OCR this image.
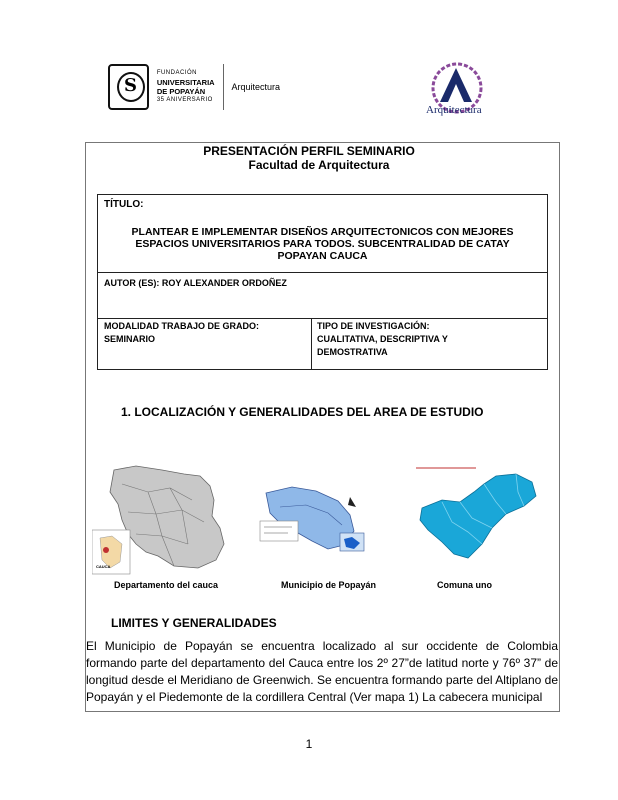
S
FUNDACIÓN
UNIVERSITARIA
DE POPAYÁN
35 ANIVERSARIO
Arquitectura
Arquitectura
PRESENTACIÓN PERFIL SEMINARIO
Facultad de Arquitectura
TÍTULO:
PLANTEAR E IMPLEMENTAR DISEÑOS ARQUITECTONICOS CON MEJORES
ESPACIOS UNIVERSITARIOS PARA TODOS. SUBCENTRALIDAD DE CATAY
POPAYAN CAUCA
AUTOR (ES): ROY ALEXANDER ORDOÑEZ
MODALIDAD TRABAJO DE GRADO:
SEMINARIO
TIPO DE INVESTIGACIÓN:
CUALITATIVA, DESCRIPTIVA Y
DEMOSTRATIVA
1. LOCALIZACIÓN Y GENERALIDADES DEL AREA DE ESTUDIO
CAUCA
Departamento del cauca	Municipio de Popayán	Comuna uno
LIMITES Y GENERALIDADES
El Municipio de Popayán se encuentra localizado al sur occidente de Colombia formando parte del departamento del Cauca entre los 2º 27”de latitud norte y 76º 37” de longitud desde el Meridiano de Greenwich. Se encuentra formando parte del Altiplano de Popayán y el Piedemonte de la cordillera Central (Ver mapa 1) La cabecera municipal
1
